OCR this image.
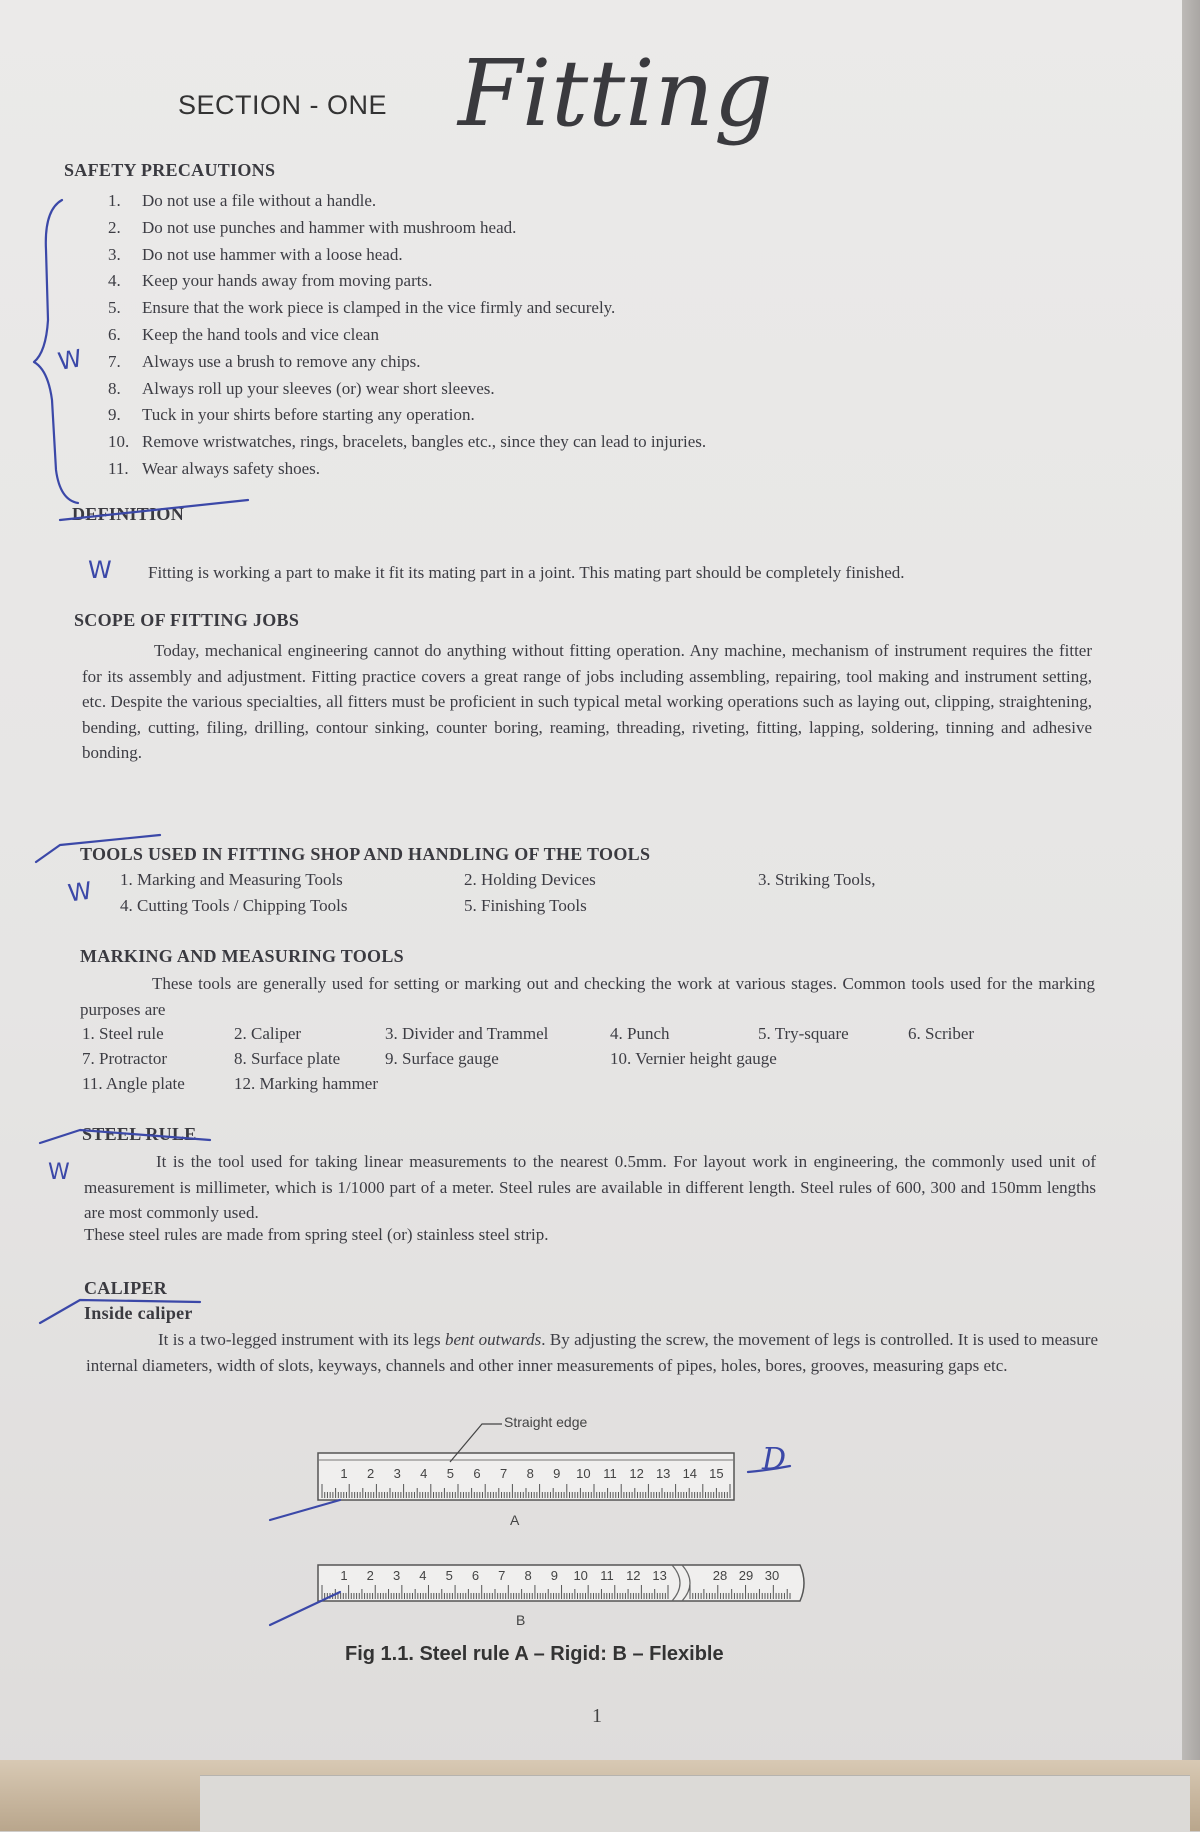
SECTION - ONE Fitting
SAFETY PRECAUTIONS
1. Do not use a file without a handle.
2. Do not use punches and hammer with mushroom head.
3. Do not use hammer with a loose head.
4. Keep your hands away from moving parts.
5. Ensure that the work piece is clamped in the vice firmly and securely.
6. Keep the hand tools and vice clean
7. Always use a brush to remove any chips.
8. Always roll up your sleeves (or) wear short sleeves.
9. Tuck in your shirts before starting any operation.
10. Remove wristwatches, rings, bracelets, bangles etc., since they can lead to injuries.
11. Wear always safety shoes.
DEFINITION
Fitting is working a part to make it fit its mating part in a joint. This mating part should be completely finished.
SCOPE OF FITTING JOBS
Today, mechanical engineering cannot do anything without fitting operation. Any machine, mechanism of instrument requires the fitter for its assembly and adjustment. Fitting practice covers a great range of jobs including assembling, repairing, tool making and instrument setting, etc. Despite the various specialties, all fitters must be proficient in such typical metal working operations such as laying out, clipping, straightening, bending, cutting, filing, drilling, contour sinking, counter boring, reaming, threading, riveting, fitting, lapping, soldering, tinning and adhesive bonding.
TOOLS USED IN FITTING SHOP AND HANDLING OF THE TOOLS
1. Marking and Measuring Tools	2. Holding Devices	3. Striking Tools,
4. Cutting Tools / Chipping Tools	5. Finishing Tools
MARKING AND MEASURING TOOLS
These tools are generally used for setting or marking out and checking the work at various stages. Common tools used for the marking purposes are
1. Steel rule	2. Caliper	3. Divider and Trammel	4. Punch	5. Try-square	6. Scriber
7. Protractor	8. Surface plate	9. Surface gauge	10. Vernier height gauge
11. Angle plate	12. Marking hammer
STEEL RULE
It is the tool used for taking linear measurements to the nearest 0.5mm. For layout work in engineering, the commonly used unit of measurement is millimeter, which is 1/1000 part of a meter. Steel rules are available in different length. Steel rules of 600, 300 and 150mm lengths are most commonly used.
These steel rules are made from spring steel (or) stainless steel strip.
CALIPER
Inside caliper
It is a two-legged instrument with its legs bent outwards. By adjusting the screw, the movement of legs is controlled. It is used to measure internal diameters, width of slots, keyways, channels and other inner measurements of pipes, holes, bores, grooves, measuring gaps etc.
1 2 3 4 5 6 7 8 9 10 11 12 13 14 15
1 2 3 4 5 6 7 8 9 10 11 12 13	28 29 30
Straight edge
A
B
Fig 1.1. Steel rule A – Rigid: B – Flexible
W
W
W
W
D
1
